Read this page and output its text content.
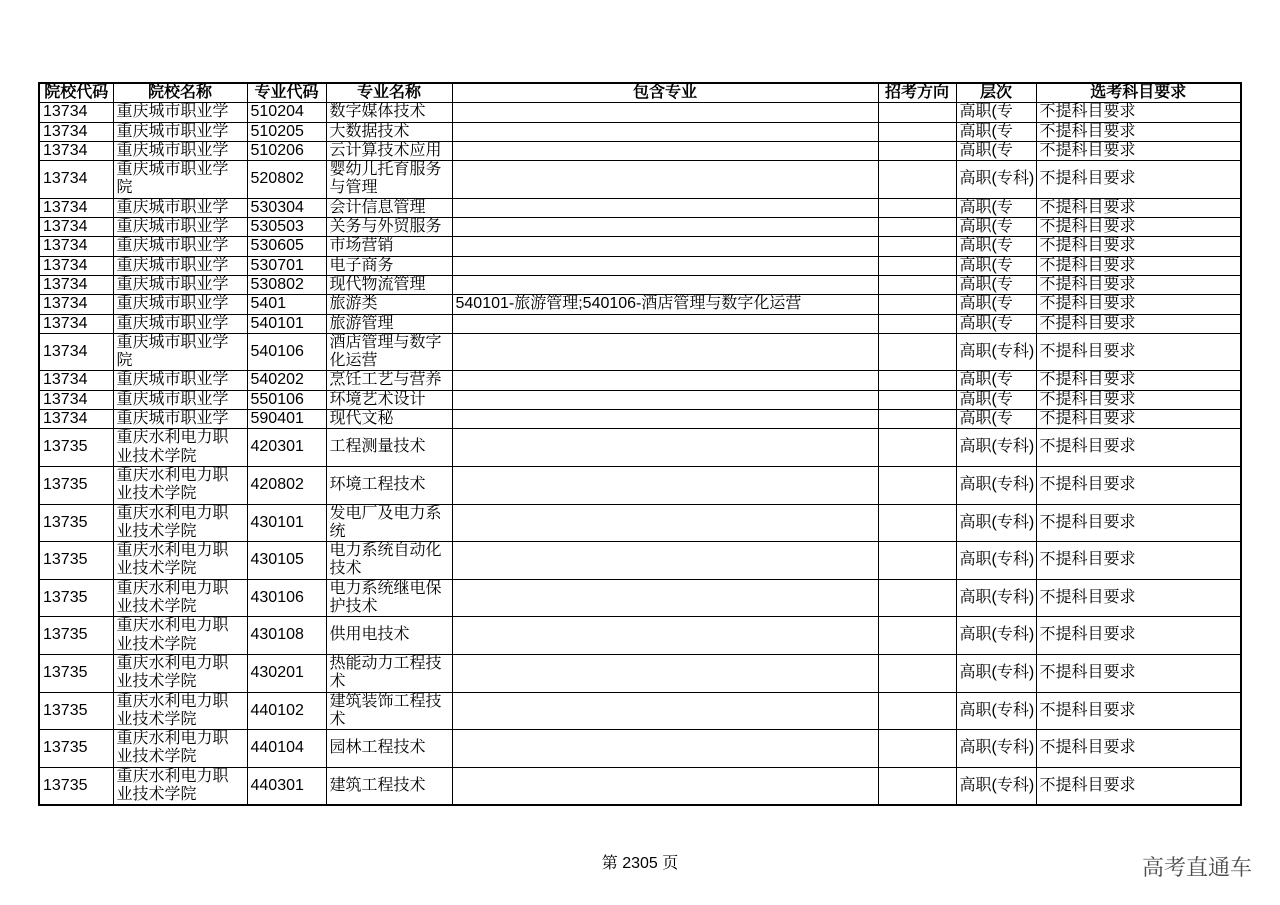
院校代码	院校名称	专业代码	专业名称	包含专业	招考方向	层次	选考科目要求
13734	重庆城市职业学	510204	数字媒体技术			高职(专	不提科目要求
13734	重庆城市职业学	510205	大数据技术			高职(专	不提科目要求
13734	重庆城市职业学	510206	云计算技术应用			高职(专	不提科目要求
13734	重庆城市职业学院	520802	婴幼儿托育服务与管理			高职(专科)	不提科目要求
13734	重庆城市职业学	530304	会计信息管理			高职(专	不提科目要求
13734	重庆城市职业学	530503	关务与外贸服务			高职(专	不提科目要求
13734	重庆城市职业学	530605	市场营销			高职(专	不提科目要求
13734	重庆城市职业学	530701	电子商务			高职(专	不提科目要求
13734	重庆城市职业学	530802	现代物流管理			高职(专	不提科目要求
13734	重庆城市职业学	5401	旅游类	540101-旅游管理;540106-酒店管理与数字化运营		高职(专	不提科目要求
13734	重庆城市职业学	540101	旅游管理			高职(专	不提科目要求
13734	重庆城市职业学院	540106	酒店管理与数字化运营			高职(专科)	不提科目要求
13734	重庆城市职业学	540202	烹饪工艺与营养			高职(专	不提科目要求
13734	重庆城市职业学	550106	环境艺术设计			高职(专	不提科目要求
13734	重庆城市职业学	590401	现代文秘			高职(专	不提科目要求
13735	重庆水利电力职业技术学院	420301	工程测量技术			高职(专科)	不提科目要求
13735	重庆水利电力职业技术学院	420802	环境工程技术			高职(专科)	不提科目要求
13735	重庆水利电力职业技术学院	430101	发电厂及电力系统			高职(专科)	不提科目要求
13735	重庆水利电力职业技术学院	430105	电力系统自动化技术			高职(专科)	不提科目要求
13735	重庆水利电力职业技术学院	430106	电力系统继电保护技术			高职(专科)	不提科目要求
13735	重庆水利电力职业技术学院	430108	供用电技术			高职(专科)	不提科目要求
13735	重庆水利电力职业技术学院	430201	热能动力工程技术			高职(专科)	不提科目要求
13735	重庆水利电力职业技术学院	440102	建筑装饰工程技术			高职(专科)	不提科目要求
13735	重庆水利电力职业技术学院	440104	园林工程技术			高职(专科)	不提科目要求
13735	重庆水利电力职业技术学院	440301	建筑工程技术			高职(专科)	不提科目要求
第 2305 页	高考直通车
